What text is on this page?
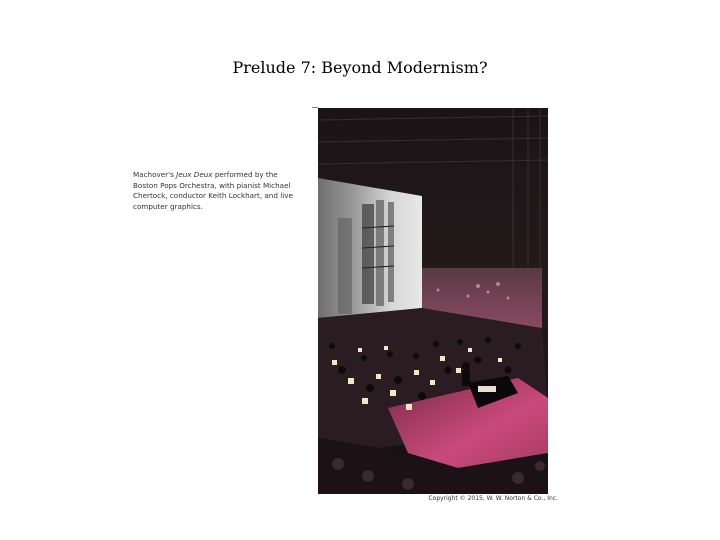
Prelude 7: Beyond Modernism?
Machover's Jeux Deux performed by the
Boston Pops Orchestra, with pianist Michael
Chertock, conductor Keith Lockhart, and live
computer graphics.
Copyright © 2015, W. W. Norton & Co., Inc.
